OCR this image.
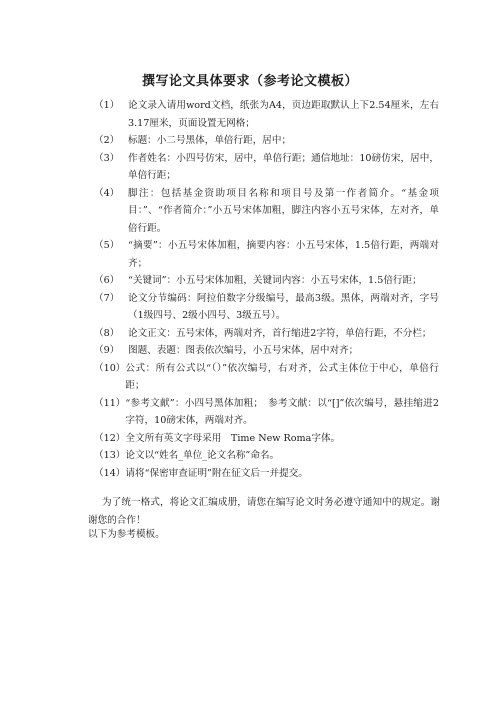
撰写论文具体要求（参考论文模板）
（1） 论文录入请用word文档，纸张为A4，页边距取默认上下2.54厘米，左右3.17厘米，页面设置无网格；
（2） 标题：小二号黑体，单倍行距，居中；
（3） 作者姓名：小四号仿宋，居中，单倍行距；通信地址：10磅仿宋，居中，单倍行距；
（4） 脚注：包括基金资助项目名称和项目号及第一作者简介。“基金项目：”、“作者简介：”小五号宋体加粗，脚注内容小五号宋体，左对齐，单倍行距。
（5） “摘要”：小五号宋体加粗，摘要内容：小五号宋体，1.5倍行距，两端对齐；
（6） “关键词”：小五号宋体加粗，关键词内容：小五号宋体，1.5倍行距；
（7） 论文分节编码：阿拉伯数字分级编号，最高3级。黑体，两端对齐，字号（1级四号、2级小四号、3级五号）。
（8） 论文正文：五号宋体，两端对齐，首行缩进2字符，单倍行距，不分栏；
（9） 图题、表题：图表依次编号，小五号宋体，居中对齐；
（10） 公式：所有公式以“（）”依次编号，右对齐，公式主体位于中心，单倍行距；
（11） “参考文献”：小四号黑体加粗；　参考文献：以“[]”依次编号，悬挂缩进2字符，10磅宋体，两端对齐。
（12） 全文所有英文字母采用　Time New Roma字体。
（13） 论文以“姓名_单位_论文名称”命名。
（14） 请将“保密审查证明”附在征文后一并提交。
为了统一格式，将论文汇编成册，请您在编写论文时务必遵守通知中的规定。谢谢您的合作！
以下为参考模板。
